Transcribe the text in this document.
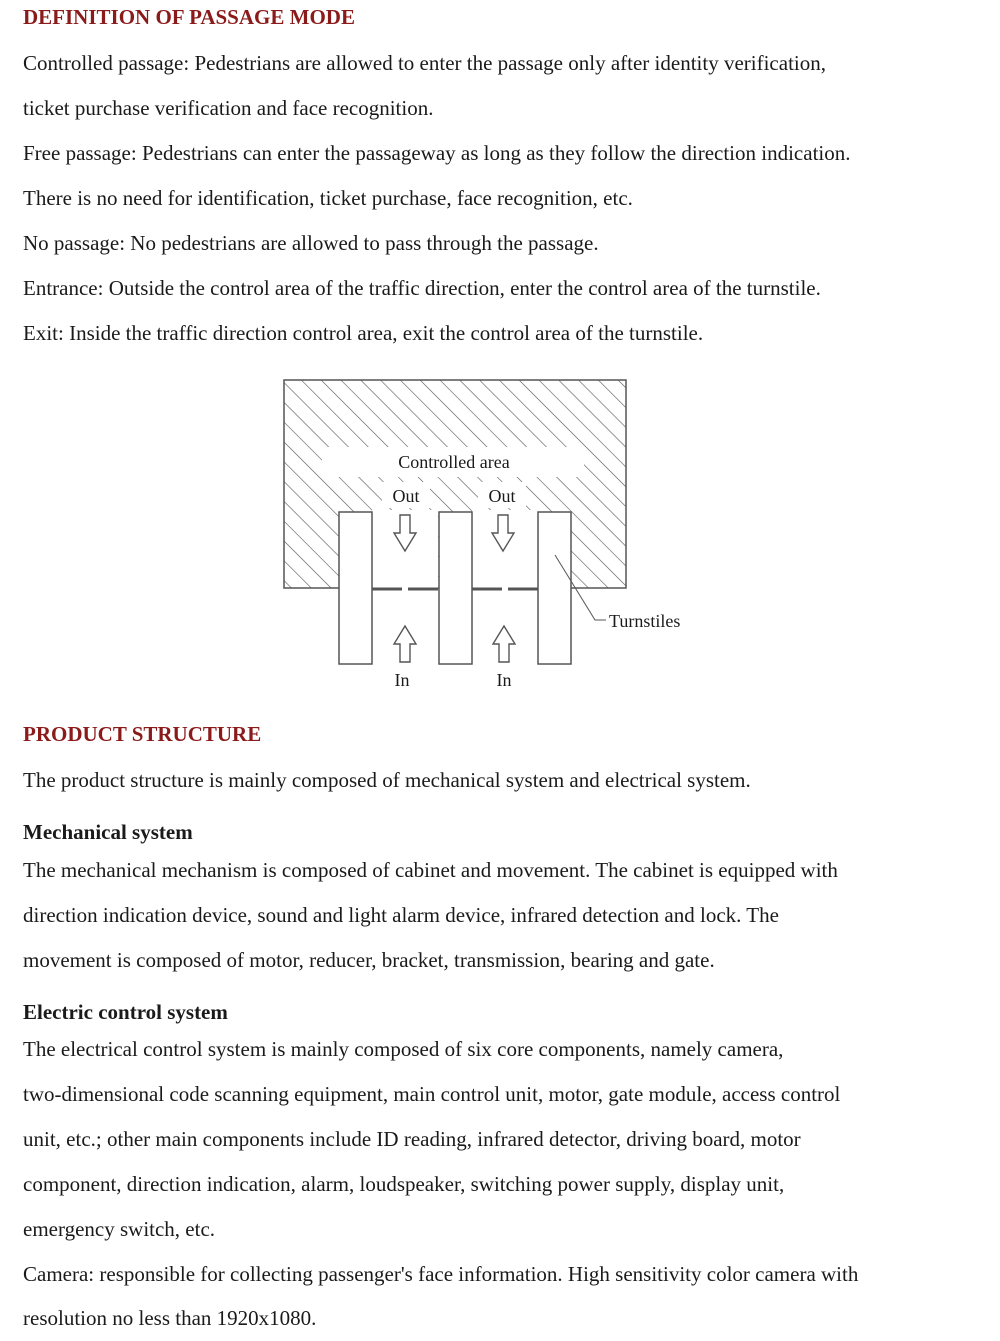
DEFINITION OF PASSAGE MODE

Controlled passage: Pedestrians are allowed to enter the passage only after identity verification,

ticket purchase verification and face recognition.

Free passage: Pedestrians can enter the passageway as long as they follow the direction indication.

There is no need for identification, ticket purchase, face recognition, etc.

No passage: No pedestrians are allowed to pass through the passage.

Entrance: Outside the control area of the traffic direction, enter the control area of the turnstile.

Exit: Inside the traffic direction control area, exit the control area of the turnstile.

Controlled area
Out	Out
In	In
Turnstiles
PRODUCT STRUCTURE

The product structure is mainly composed of mechanical system and electrical system.

Mechanical system

The mechanical mechanism is composed of cabinet and movement. The cabinet is equipped with

direction indication device, sound and light alarm device, infrared detection and lock. The

movement is composed of motor, reducer, bracket, transmission, bearing and gate.

Electric control system

The electrical control system is mainly composed of six core components, namely camera,

two-dimensional code scanning equipment, main control unit, motor, gate module, access control

unit, etc.; other main components include ID reading, infrared detector, driving board, motor

component, direction indication, alarm, loudspeaker, switching power supply, display unit,

emergency switch, etc.

Camera: responsible for collecting passenger's face information. High sensitivity color camera with

resolution no less than 1920x1080.
